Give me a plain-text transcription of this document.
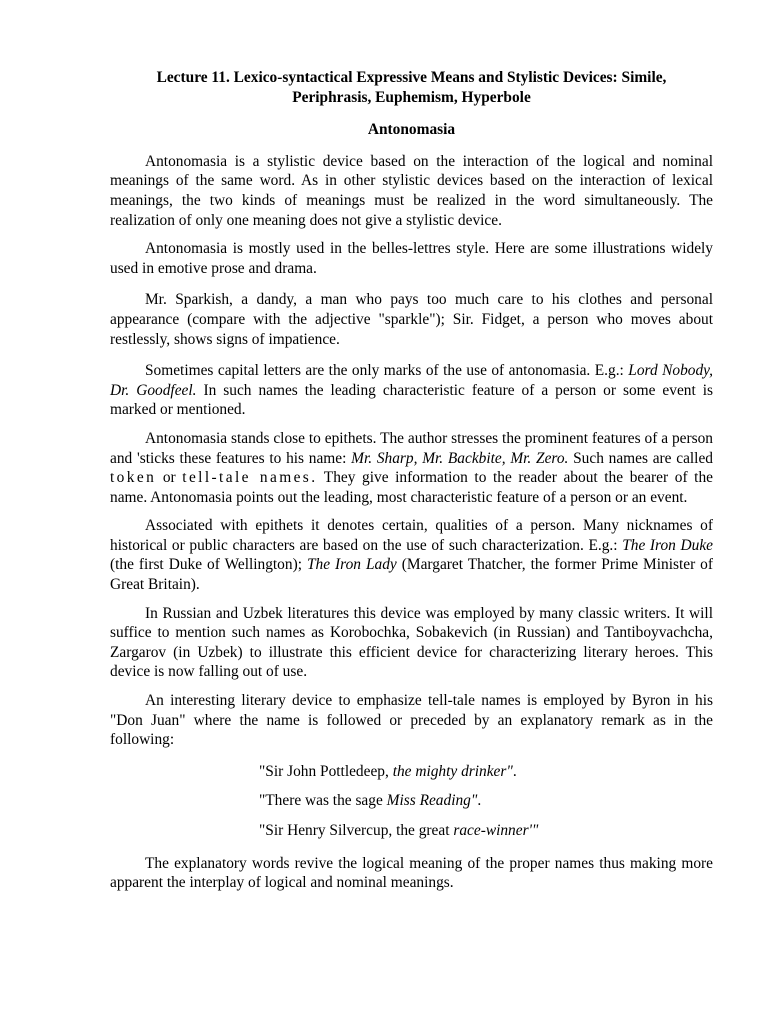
Lecture 11. Lexico-syntactical Expressive Means and Stylistic Devices: Simile,
Periphrasis, Euphemism, Hyperbole

Antonomasia

Antonomasia is a stylistic device based on the interaction of the logical and nominal meanings of the same word. As in other stylistic devices based on the interaction of lexical meanings, the two kinds of meanings must be realized in the word simultaneously. The realization of only one meaning does not give a stylistic device.

Antonomasia is mostly used in the belles-lettres style. Here are some illustrations widely used in emotive prose and drama.

Mr. Sparkish, a dandy, a man who pays too much care to his clothes and personal appearance (compare with the adjective "sparkle"); Sir. Fidget, a person who moves about restlessly, shows signs of impatience.

Sometimes capital letters are the only marks of the use of antonomasia. E.g.: Lord Nobody, Dr. Goodfeel. In such names the leading characteristic feature of a person or some event is marked or mentioned.

Antonomasia stands close to epithets. The author stresses the prominent features of a person and 'sticks these features to his name: Mr. Sharp, Mr. Backbite, Mr. Zero. Such names are called token or tell-tale names. They give information to the reader about the bearer of the name. Antonomasia points out the leading, most characteristic feature of a person or an event.

Associated with epithets it denotes certain, qualities of a person. Many nicknames of historical or public characters are based on the use of such characterization. E.g.: The Iron Duke (the first Duke of Wellington); The Iron Lady (Margaret Thatcher, the former Prime Minister of Great Britain).

In Russian and Uzbek literatures this device was employed by many classic writers. It will suffice to mention such names as Korobochka, Sobakevich (in Russian) and Tantiboyvachcha, Zargarov (in Uzbek) to illustrate this efficient device for characterizing literary heroes. This device is now falling out of use.

An interesting literary device to emphasize tell-tale names is employed by Byron in his "Don Juan" where the name is followed or preceded by an explanatory remark as in the following:

"Sir John Pottledeep, the mighty drinker".

"There was the sage Miss Reading".

"Sir Henry Silvercup, the great race-winner'"

The explanatory words revive the logical meaning of the proper names thus making more apparent the interplay of logical and nominal meanings.
